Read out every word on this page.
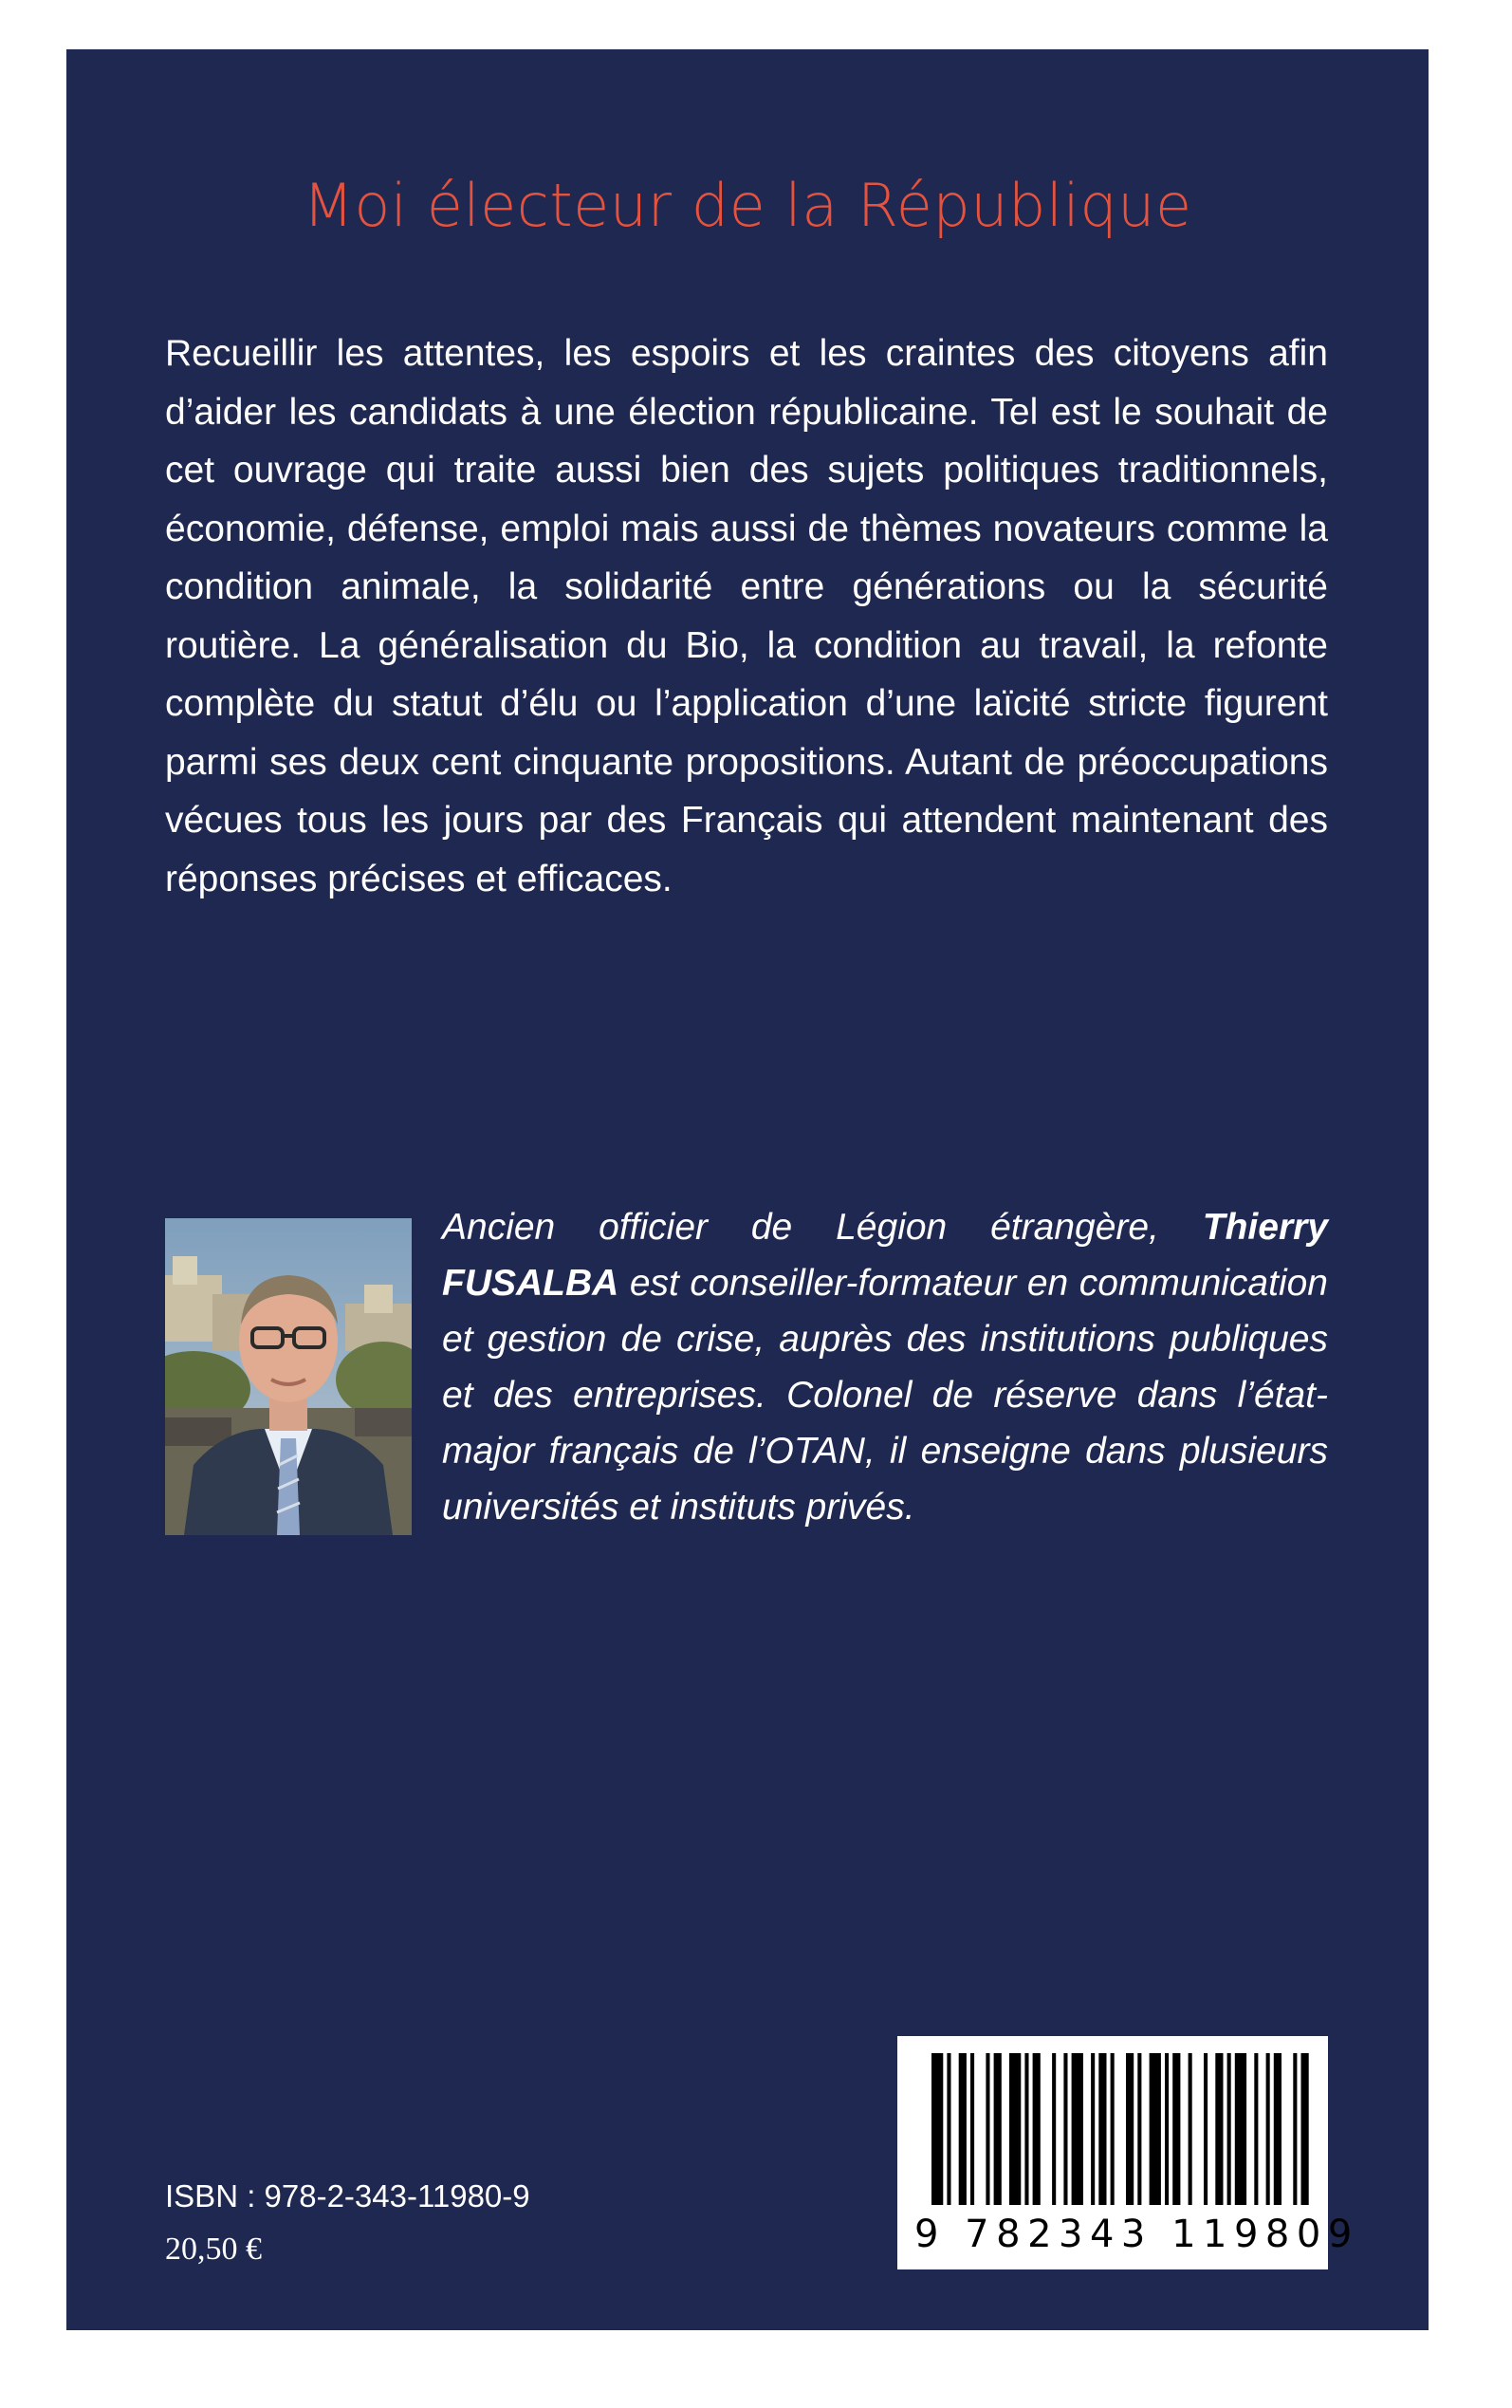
Moi électeur de la République

Recueillir les attentes, les espoirs et les craintes des citoyens afin d’aider les candidats à une élection républicaine. Tel est le souhait de cet ouvrage qui traite aussi bien des sujets politiques traditionnels, économie, défense, emploi mais aussi de thèmes novateurs comme la condition animale, la solidarité entre générations ou la sécurité routière. La généralisation du Bio, la condition au travail, la refonte complète du statut d’élu ou l’application d’une laïcité stricte figurent parmi ses deux cent cinquante propositions. Autant de préoccupations vécues tous les jours par des Français qui attendent maintenant des réponses précises et efficaces.

Ancien officier de Légion étrangère, Thierry FUSALBA est conseiller-formateur en communication et gestion de crise, auprès des institutions publiques et des entreprises. Colonel de réserve dans l’état-major français de l’OTAN, il enseigne dans plusieurs universités et instituts privés.

9 782343 119809

ISBN : 978-2-343-11980-9

20,50 €
